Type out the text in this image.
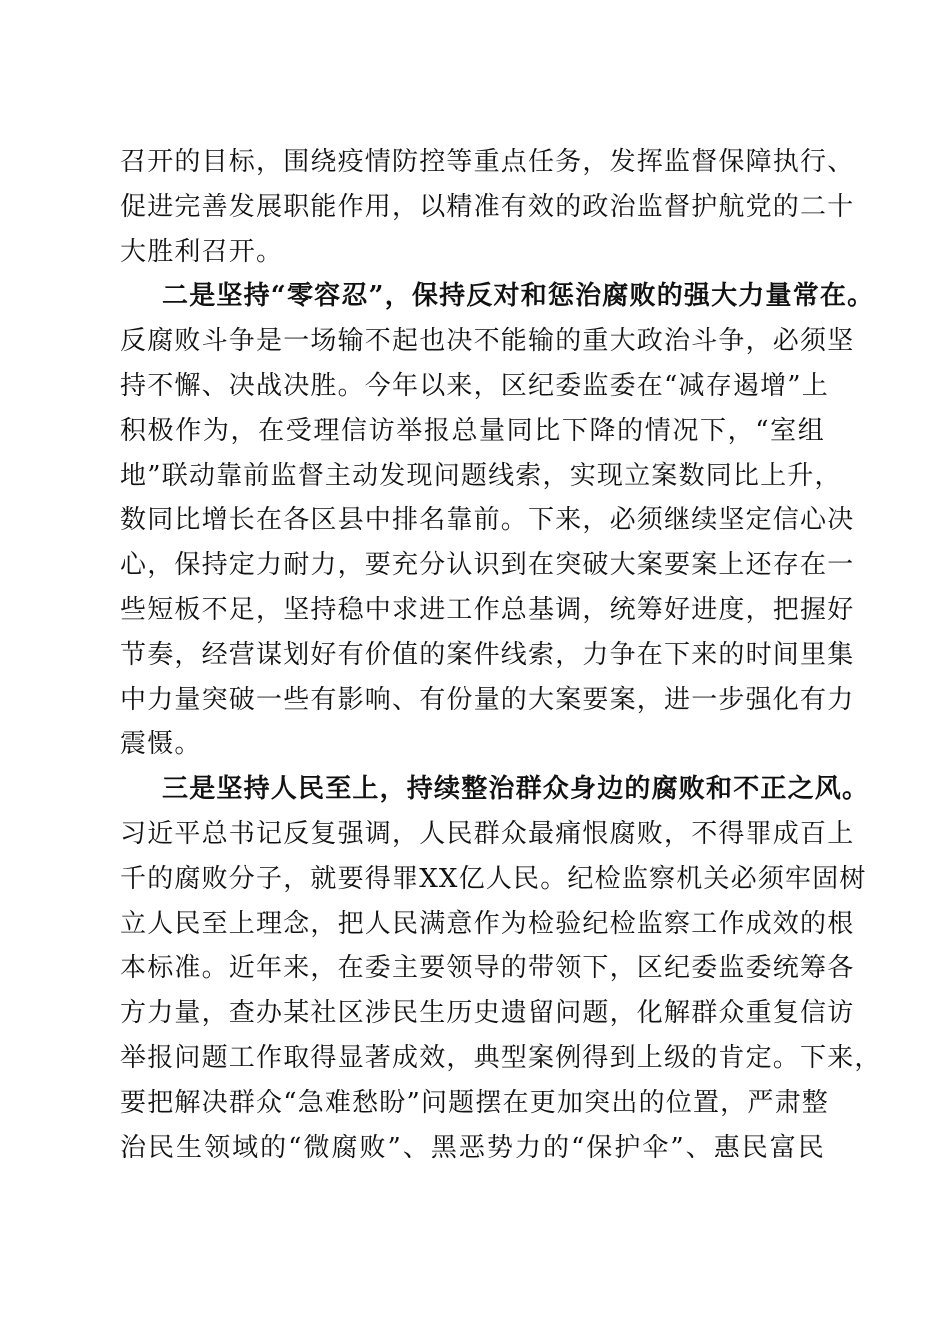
召开的目标，围绕疫情防控等重点任务，发挥监督保障执行、
促进完善发展职能作用，以精准有效的政治监督护航党的二十
大胜利召开。
二是坚持“零容忍”，保持反对和惩治腐败的强大力量常在。
反腐败斗争是一场输不起也决不能输的重大政治斗争，必须坚
持不懈、决战决胜。今年以来，区纪委监委在“减存遏增”上
积极作为，在受理信访举报总量同比下降的情况下，“室组
地”联动靠前监督主动发现问题线索，实现立案数同比上升，
数同比增长在各区县中排名靠前。下来，必须继续坚定信心决
心，保持定力耐力，要充分认识到在突破大案要案上还存在一
些短板不足，坚持稳中求进工作总基调，统筹好进度，把握好
节奏，经营谋划好有价值的案件线索，力争在下来的时间里集
中力量突破一些有影响、有份量的大案要案，进一步强化有力
震慑。
三是坚持人民至上，持续整治群众身边的腐败和不正之风。
习近平总书记反复强调，人民群众最痛恨腐败，不得罪成百上
千的腐败分子，就要得罪XX亿人民。纪检监察机关必须牢固树
立人民至上理念，把人民满意作为检验纪检监察工作成效的根
本标准。近年来，在委主要领导的带领下，区纪委监委统筹各
方力量，查办某社区涉民生历史遗留问题，化解群众重复信访
举报问题工作取得显著成效，典型案例得到上级的肯定。下来，
要把解决群众“急难愁盼”问题摆在更加突出的位置，严肃整
治民生领域的“微腐败”、黑恶势力的“保护伞”、惠民富民
